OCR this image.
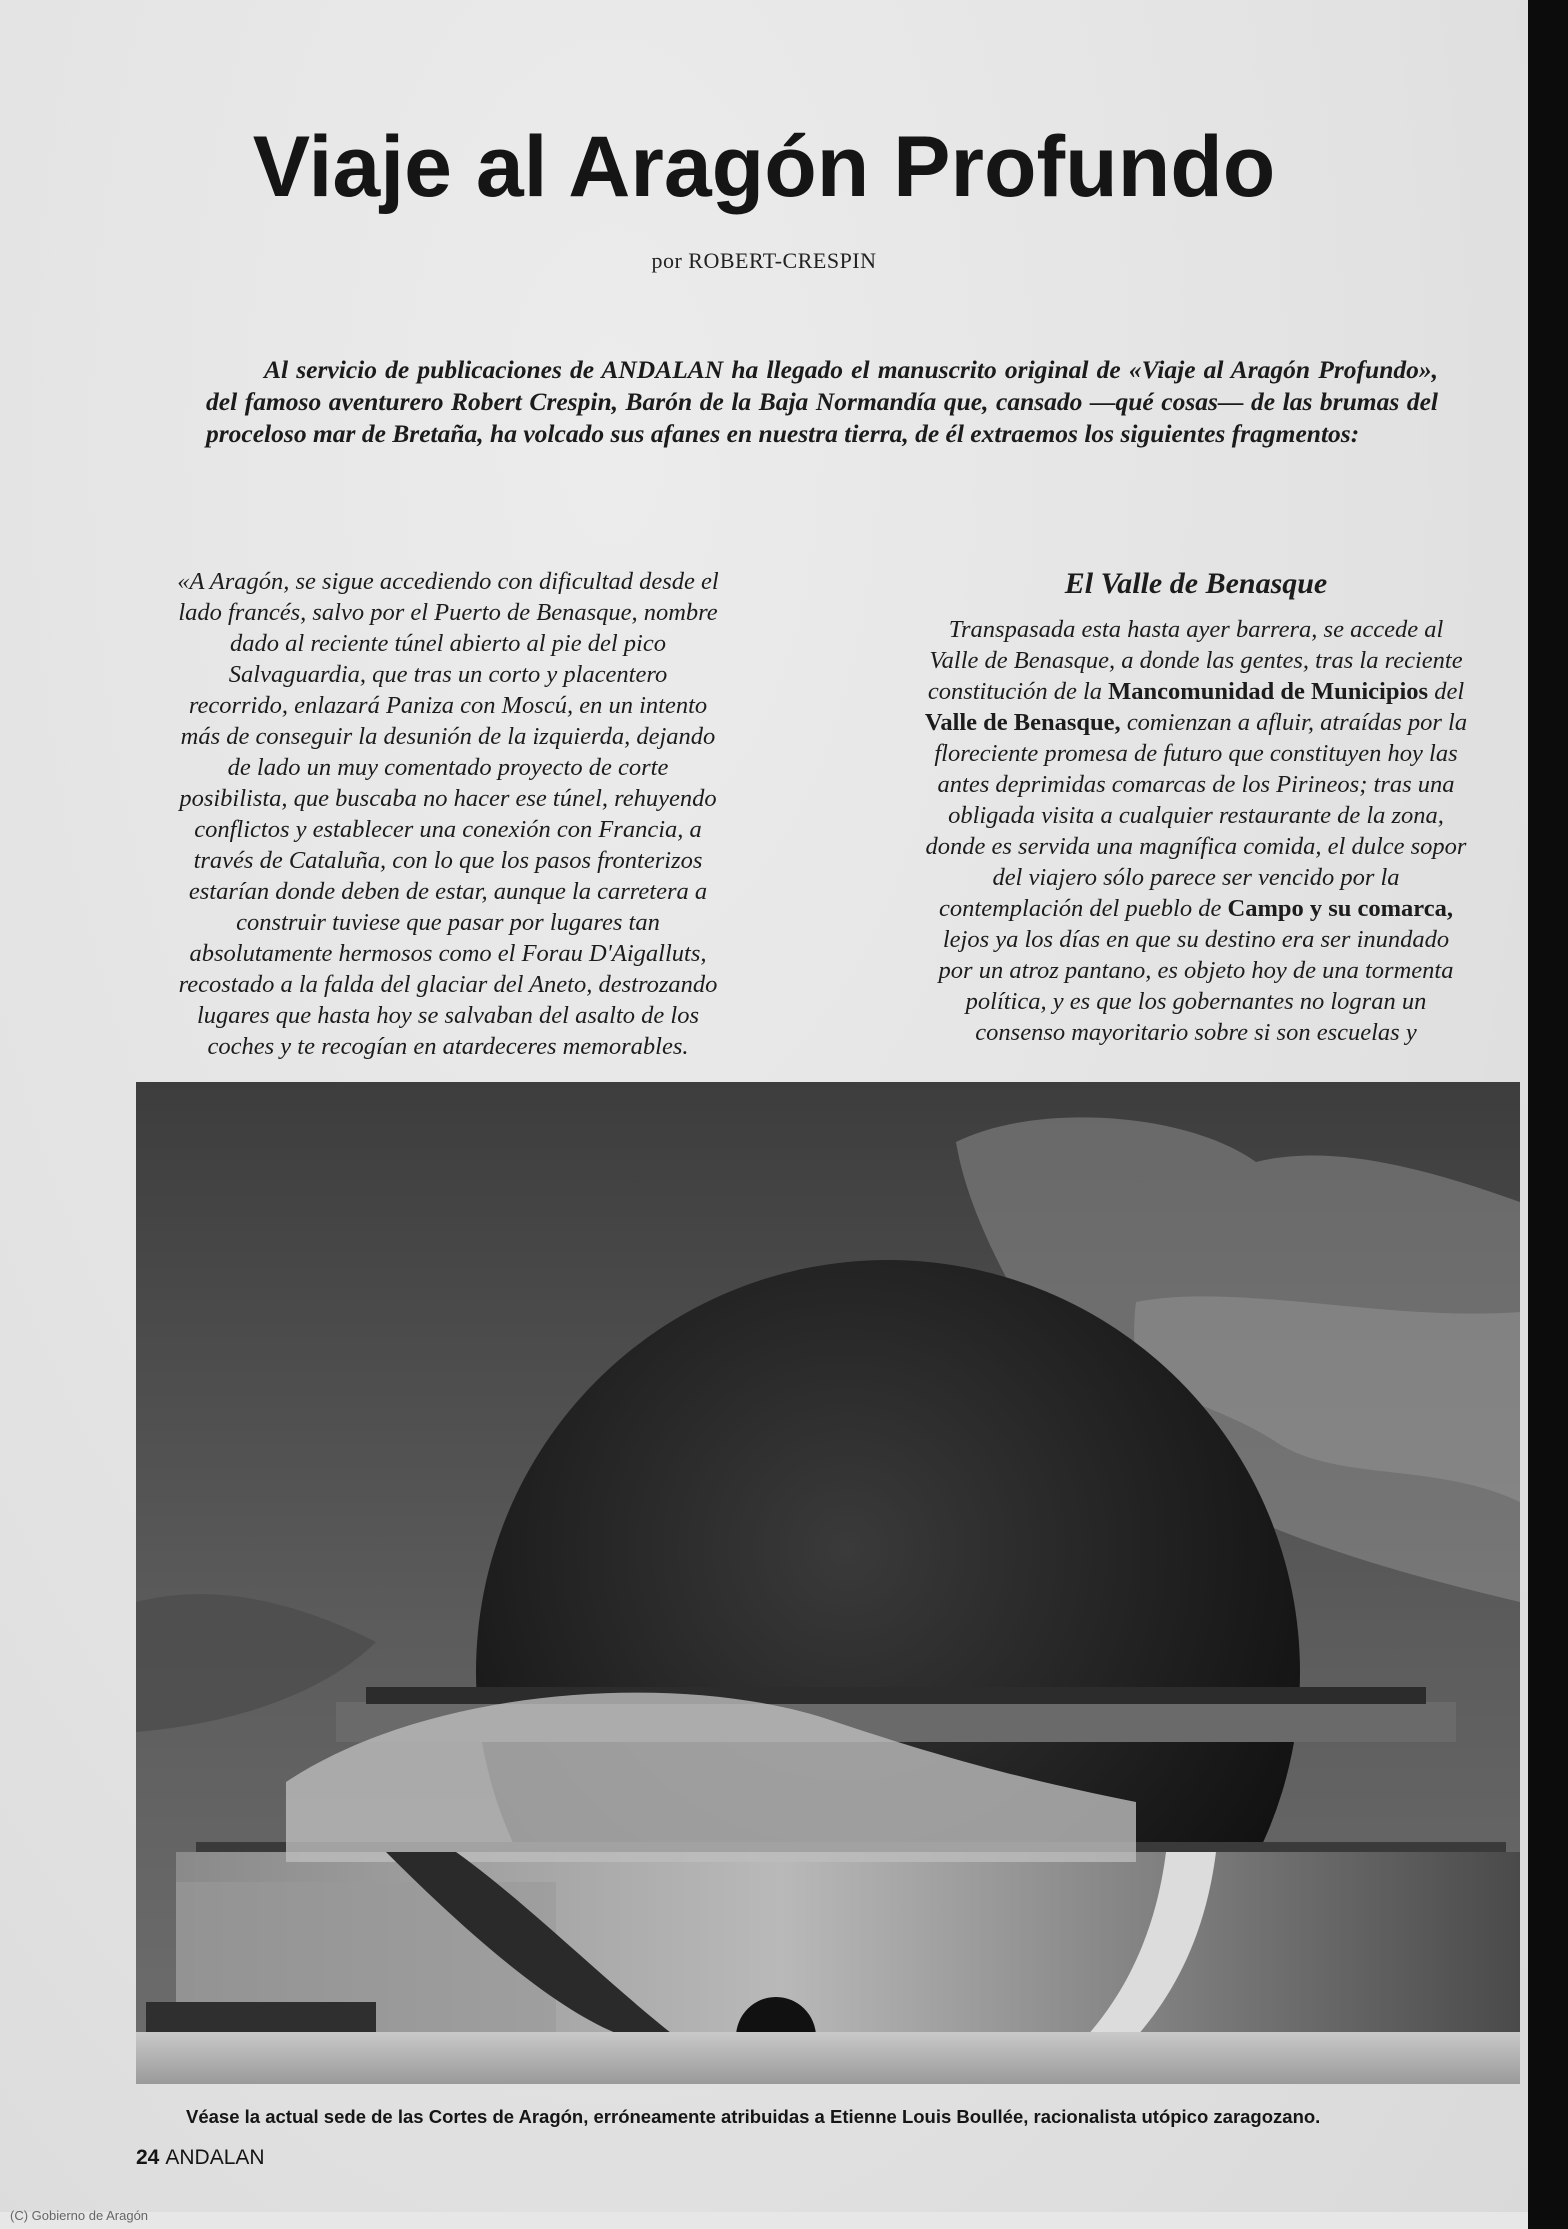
Viaje al Aragón Profundo
por ROBERT-CRESPIN

Al servicio de publicaciones de ANDALAN ha llegado el manuscrito original de «Viaje al Aragón Profundo», del famoso aventurero Robert Crespin, Barón de la Baja Normandía que, cansado —qué cosas— de las brumas del proceloso mar de Bretaña, ha volcado sus afanes en nuestra tierra, de él extraemos los siguientes fragmentos:

«A Aragón, se sigue accediendo con dificultad desde el

lado francés, salvo por el Puerto de Benasque, nombre

dado al reciente túnel abierto al pie del pico

Salvaguardia, que tras un corto y placentero

recorrido, enlazará Paniza con Moscú, en un intento

más de conseguir la desunión de la izquierda, dejando

de lado un muy comentado proyecto de corte

posibilista, que buscaba no hacer ese túnel, rehuyendo

conflictos y establecer una conexión con Francia, a

través de Cataluña, con lo que los pasos fronterizos

estarían donde deben de estar, aunque la carretera a

construir tuviese que pasar por lugares tan

absolutamente hermosos como el Forau D'Aigalluts,

recostado a la falda del glaciar del Aneto, destrozando

lugares que hasta hoy se salvaban del asalto de los

coches y te recogían en atardeceres memorables.

El Valle de Benasque

Transpasada esta hasta ayer barrera, se accede al

Valle de Benasque, a donde las gentes, tras la reciente

constitución de la Mancomunidad de Municipios del

Valle de Benasque, comienzan a afluir, atraídas por la

floreciente promesa de futuro que constituyen hoy las

antes deprimidas comarcas de los Pirineos; tras una

obligada visita a cualquier restaurante de la zona,

donde es servida una magnífica comida, el dulce sopor

del viajero sólo parece ser vencido por la

contemplación del pueblo de Campo y su comarca,

lejos ya los días en que su destino era ser inundado

por un atroz pantano, es objeto hoy de una tormenta

política, y es que los gobernantes no logran un

consenso mayoritario sobre si son escuelas y

Véase la actual sede de las Cortes de Aragón, erróneamente atribuidas a Etienne Louis Boullée, racionalista utópico zaragozano.
24 ANDALAN
(C) Gobierno de Aragón
